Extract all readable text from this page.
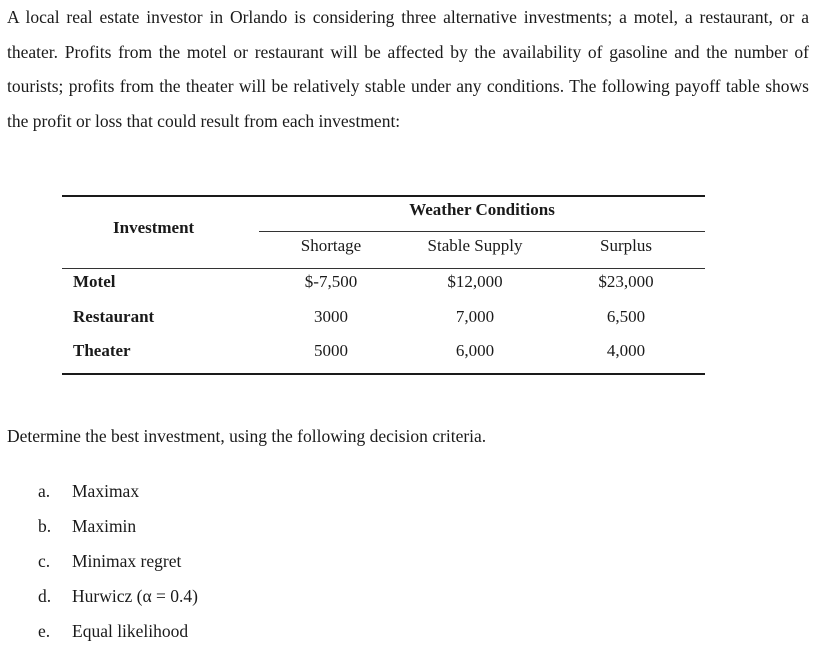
A local real estate investor in Orlando is considering three alternative investments; a motel, a restaurant, or a theater. Profits from the motel or restaurant will be affected by the availability of gasoline and the number of tourists; profits from the theater will be relatively stable under any conditions. The following payoff table shows the profit or loss that could result from each investment:

Weather Conditions
Investment
Shortage	Stable Supply	Surplus
Motel	$-7,500	$12,000	$23,000
Restaurant	3000	7,000	6,500
Theater	5000	6,000	4,000

Determine the best investment, using the following decision criteria.

a. Maximax
b. Maximin
c. Minimax regret
d. Hurwicz (α = 0.4)
e. Equal likelihood
